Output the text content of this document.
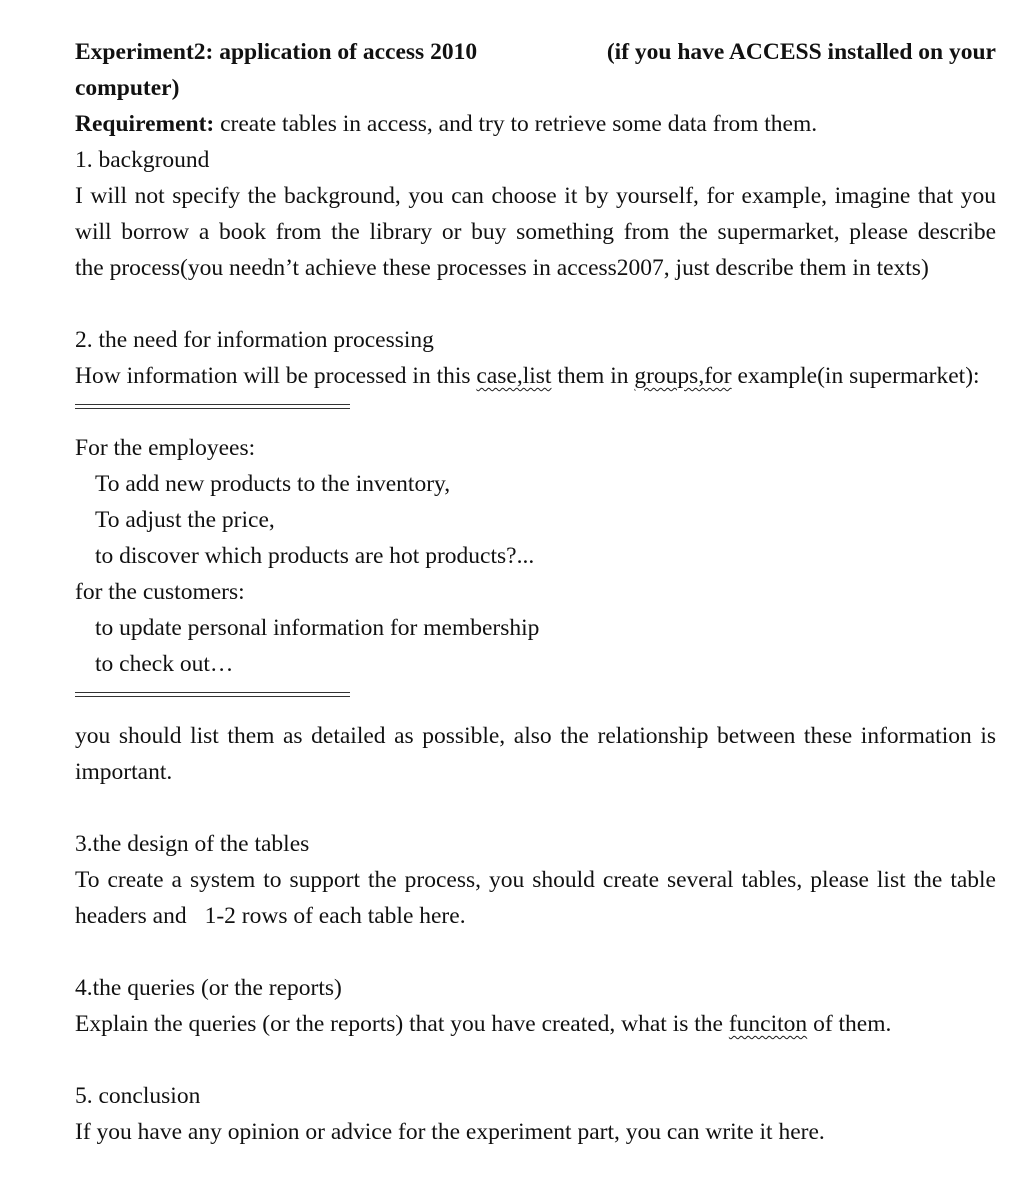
Experiment2: application of access 2010	(if you have ACCESS installed on your
computer)
Requirement: create tables in access, and try to retrieve some data from them.
1. background
I will not specify the background, you can choose it by yourself, for example, imagine that you
will borrow a book from the library or buy something from the supermarket, please describe
the process(you needn’t achieve these processes in access2007, just describe them in texts)
2. the need for information processing
How information will be processed in this case,list them in groups,for example(in supermarket):
For the employees:
To add new products to the inventory,
To adjust the price,
to discover which products are hot products?...
for the customers:
to update personal information for membership
to check out…
you should list them as detailed as possible, also the relationship between these information is
important.
3.the design of the tables
To create a system to support the process, you should create several tables, please list the table
headers and 1-2 rows of each table here.
4.the queries (or the reports)
Explain the queries (or the reports) that you have created, what is the funciton of them.
5. conclusion
If you have any opinion or advice for the experiment part, you can write it here.
